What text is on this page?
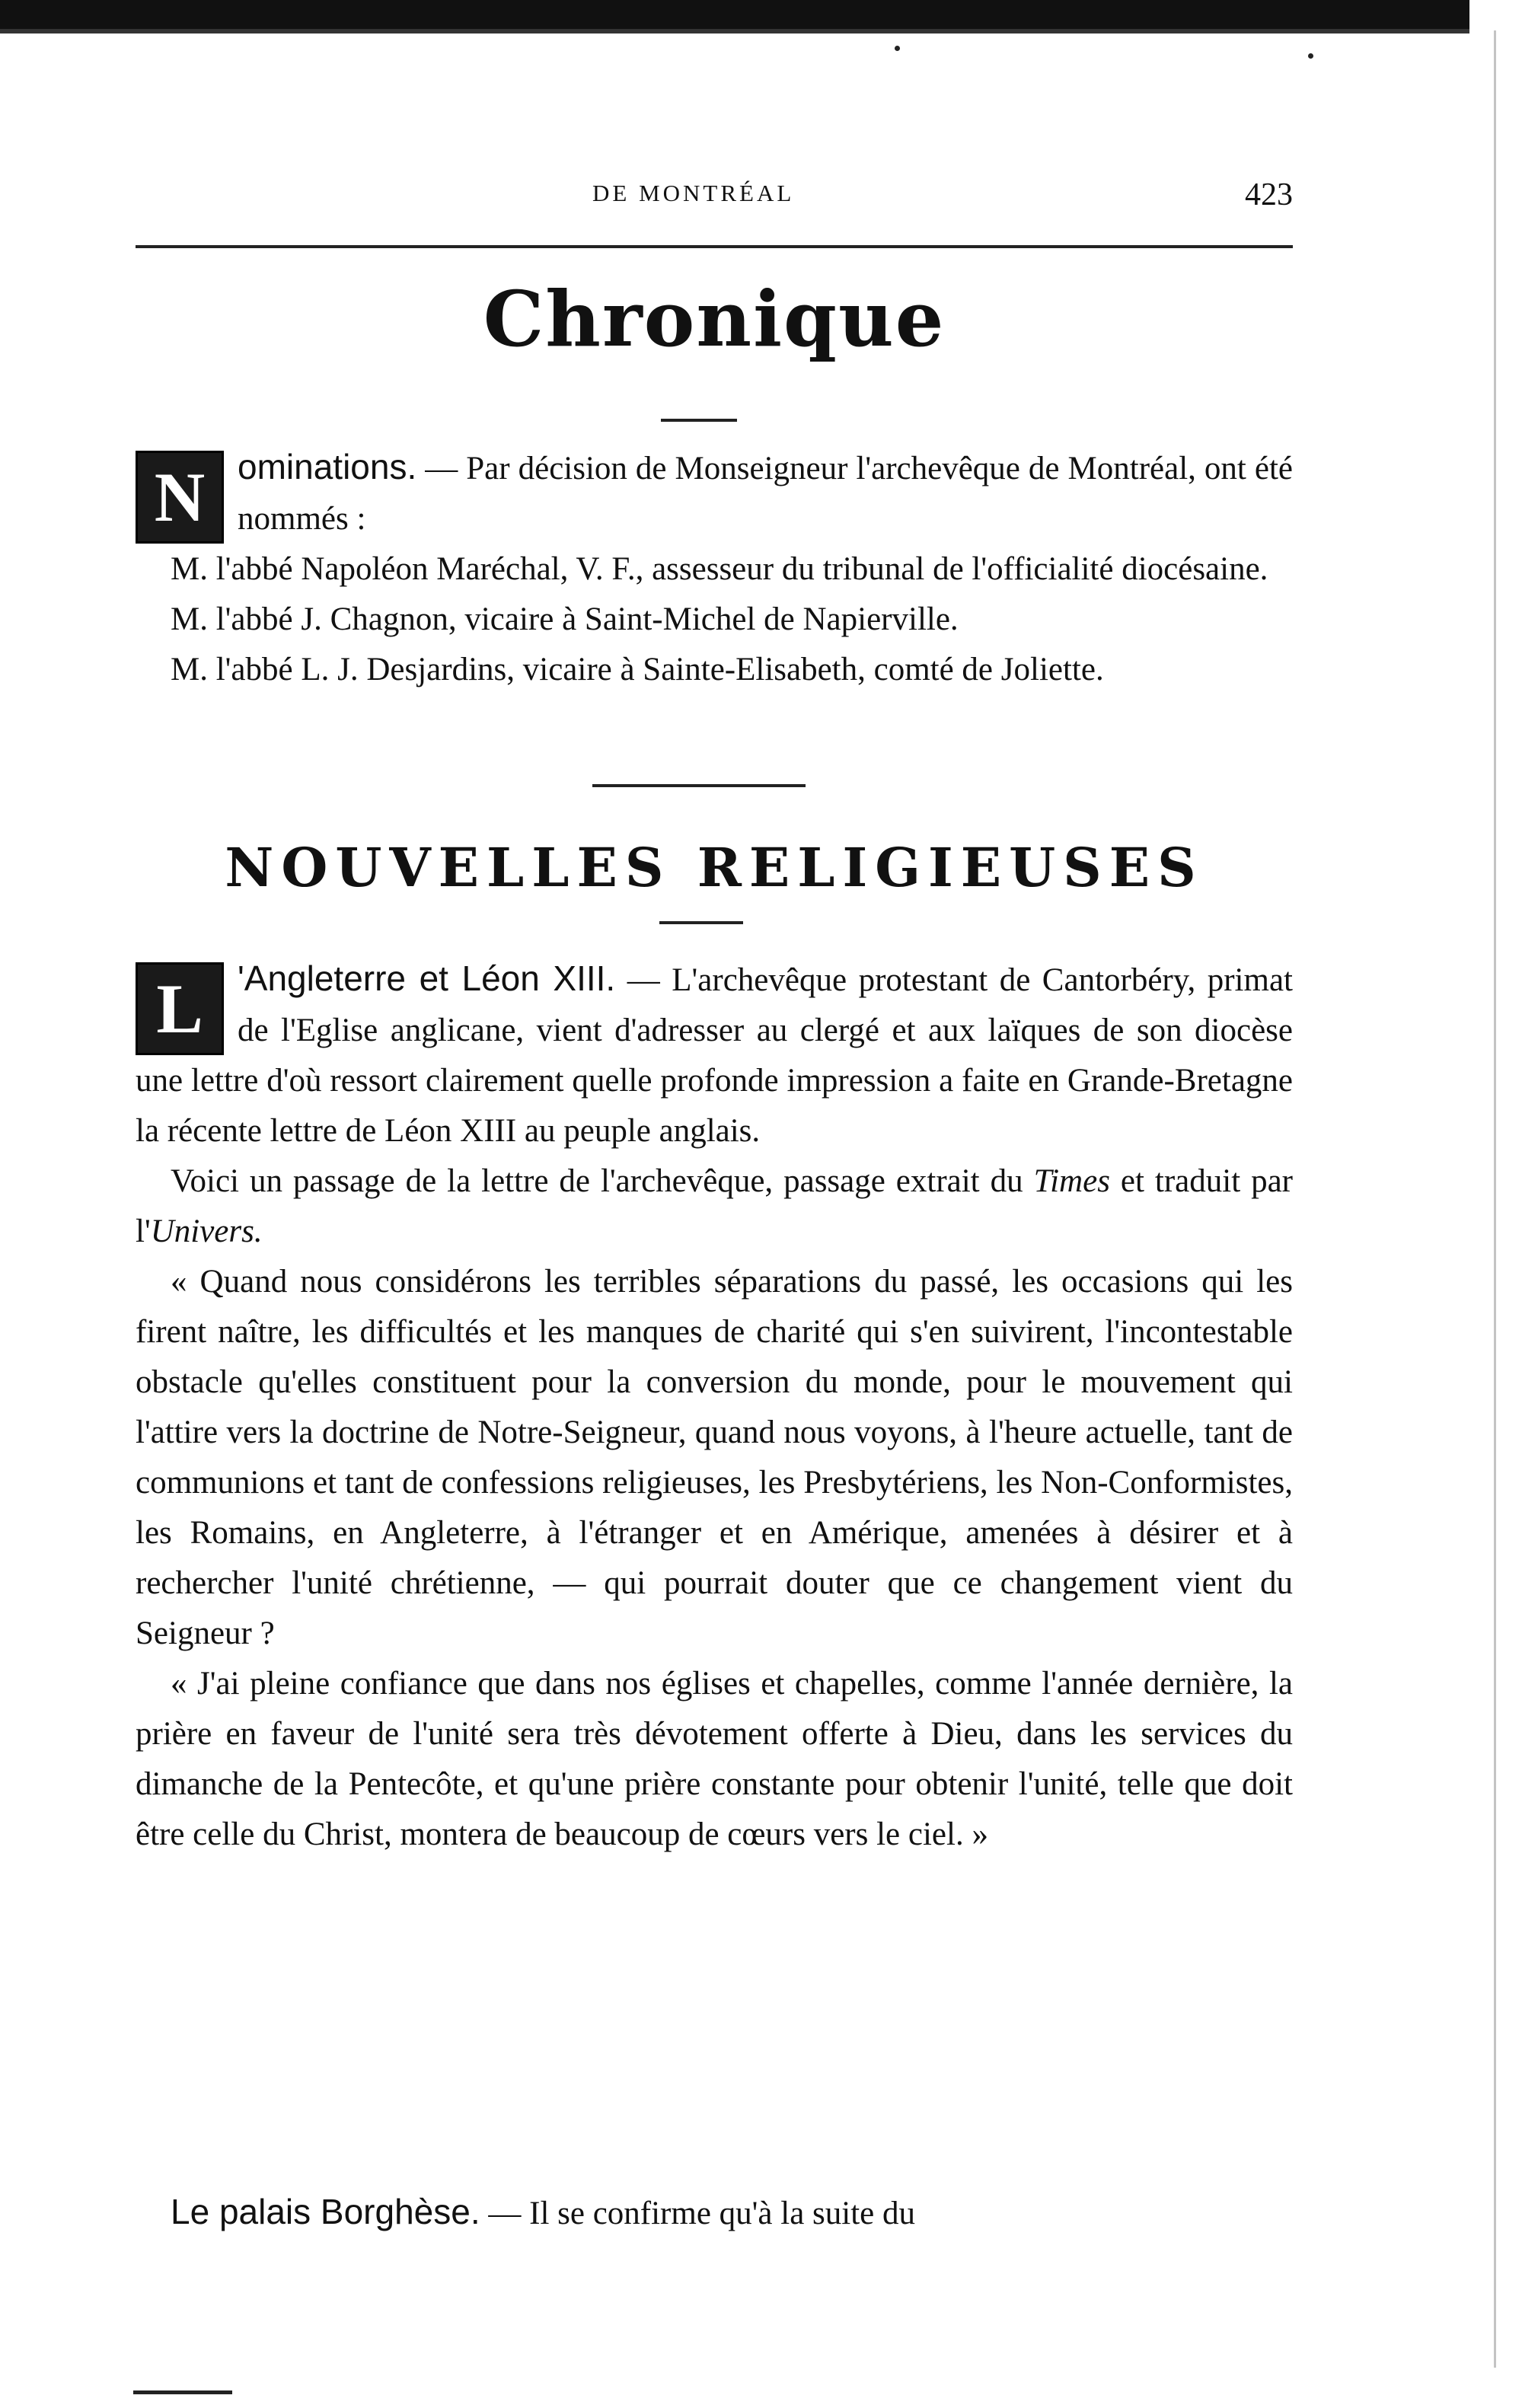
DE MONTRÉAL	423
Chronique

N ominations. — Par décision de Monseigneur l'archevêque de Montréal, ont été nommés :

M. l'abbé Napoléon Maréchal, V. F., assesseur du tribunal de l'officialité diocésaine.

M. l'abbé J. Chagnon, vicaire à Saint-Michel de Napierville.

M. l'abbé L. J. Desjardins, vicaire à Sainte-Elisabeth, comté de Joliette.

NOUVELLES RELIGIEUSES

L 'Angleterre et Léon XIII. — L'archevêque protestant de Cantorbéry, primat de l'Eglise anglicane, vient d'adresser au clergé et aux laïques de son diocèse une lettre d'où ressort clairement quelle profonde impression a faite en Grande-Bretagne la récente lettre de Léon XIII au peuple anglais.

Voici un passage de la lettre de l'archevêque, passage extrait du Times et traduit par l'Univers.

« Quand nous considérons les terribles séparations du passé, les occasions qui les firent naître, les difficultés et les manques de charité qui s'en suivirent, l'incontestable obstacle qu'elles constituent pour la conversion du monde, pour le mouvement qui l'attire vers la doctrine de Notre-Seigneur, quand nous voyons, à l'heure actuelle, tant de communions et tant de confessions religieuses, les Presbytériens, les Non-Conformistes, les Romains, en Angleterre, à l'étranger et en Amérique, amenées à désirer et à rechercher l'unité chrétienne, — qui pourrait douter que ce changement vient du Seigneur ?

« J'ai pleine confiance que dans nos églises et chapelles, comme l'année dernière, la prière en faveur de l'unité sera très dévotement offerte à Dieu, dans les services du dimanche de la Pentecôte, et qu'une prière constante pour obtenir l'unité, telle que doit être celle du Christ, montera de beaucoup de cœurs vers le ciel. »

Le palais Borghèse. — Il se confirme qu'à la suite du
